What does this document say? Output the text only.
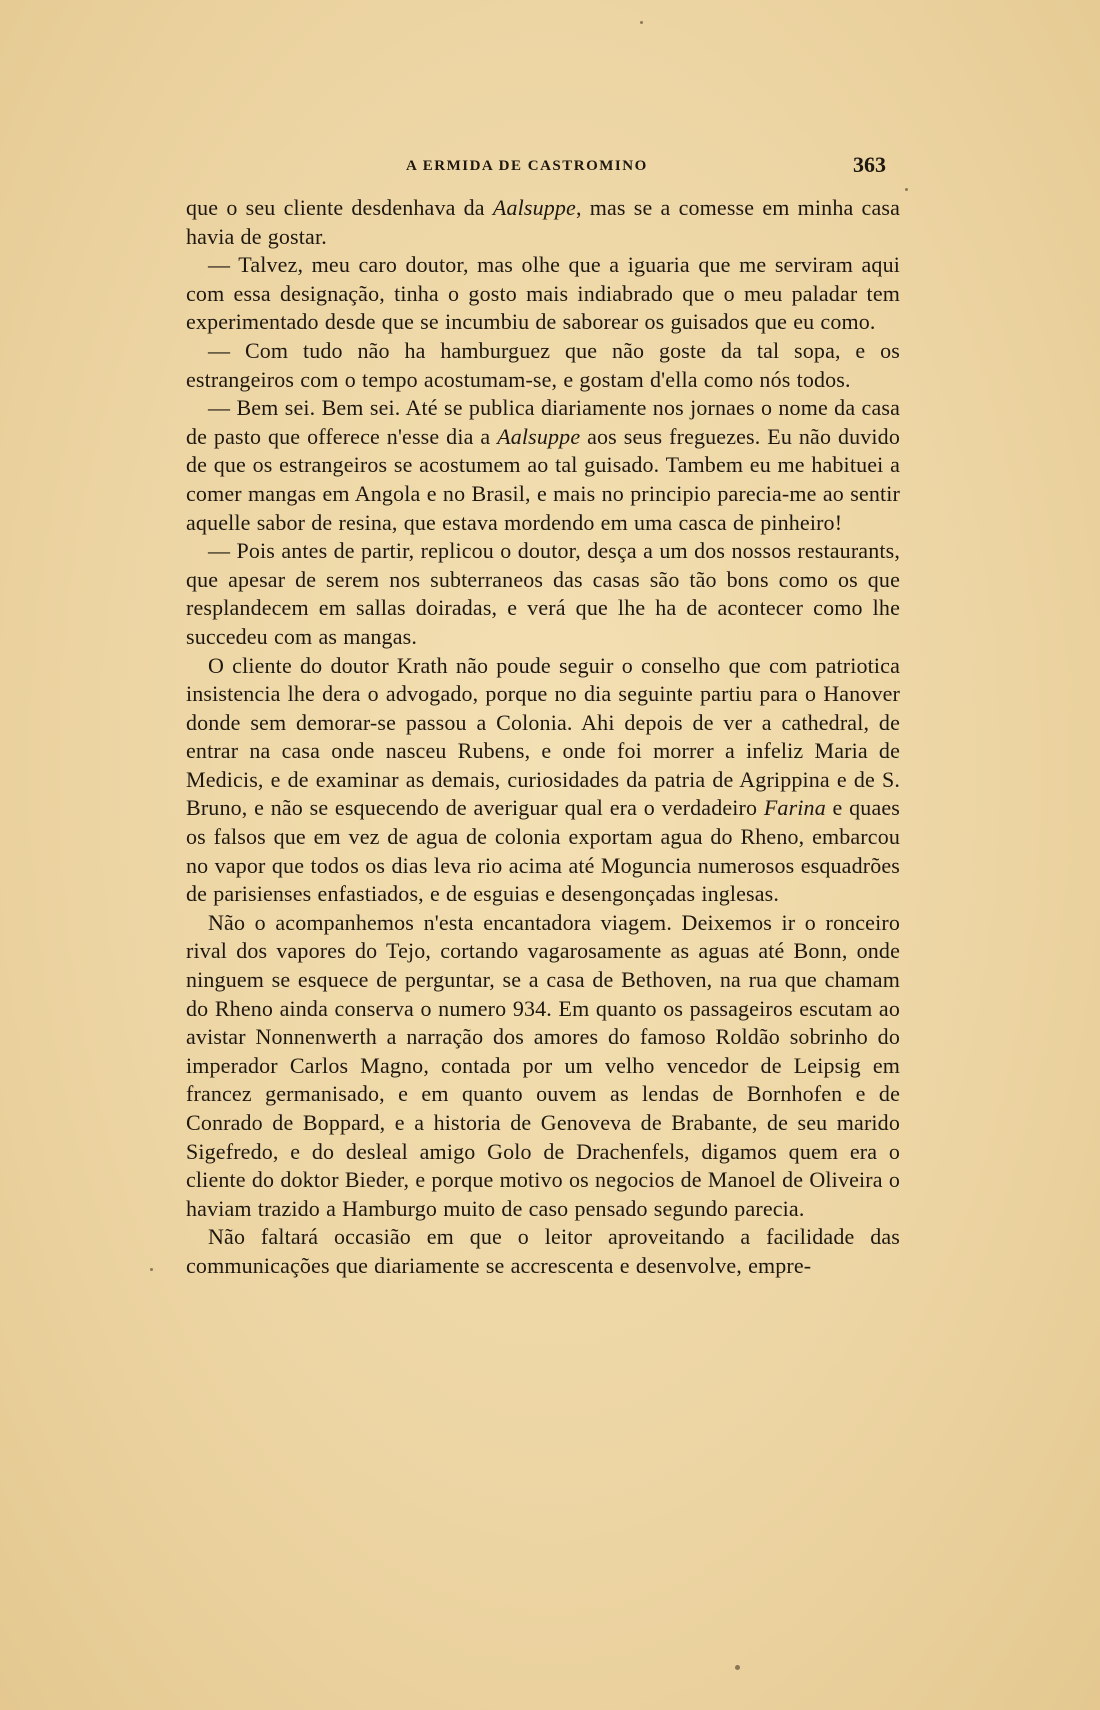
A ERMIDA DE CASTROMINO	363

que o seu cliente desdenhava da Aalsuppe, mas se a comesse em minha casa havia de gostar.

— Talvez, meu caro doutor, mas olhe que a iguaria que me serviram aqui com essa designação, tinha o gosto mais indiabrado que o meu paladar tem experimentado desde que se incumbiu de saborear os guisados que eu como.

— Com tudo não ha hamburguez que não goste da tal sopa, e os estrangeiros com o tempo acostumam-se, e gostam d'ella como nós todos.

— Bem sei. Bem sei. Até se publica diariamente nos jornaes o nome da casa de pasto que offerece n'esse dia a Aalsuppe aos seus freguezes. Eu não duvido de que os estrangeiros se acostumem ao tal guisado. Tambem eu me habituei a comer mangas em Angola e no Brasil, e mais no principio parecia-me ao sentir aquelle sabor de resina, que estava mordendo em uma casca de pinheiro!

— Pois antes de partir, replicou o doutor, desça a um dos nossos restaurants, que apesar de serem nos subterraneos das casas são tão bons como os que resplandecem em sallas doiradas, e verá que lhe ha de acontecer como lhe succedeu com as mangas.

O cliente do doutor Krath não poude seguir o conselho que com patriotica insistencia lhe dera o advogado, porque no dia seguinte partiu para o Hanover donde sem demorar-se passou a Colonia. Ahi depois de ver a cathedral, de entrar na casa onde nasceu Rubens, e onde foi morrer a infeliz Maria de Medicis, e de examinar as demais, curiosidades da patria de Agrippina e de S. Bruno, e não se esquecendo de averiguar qual era o verdadeiro Farina e quaes os falsos que em vez de agua de colonia exportam agua do Rheno, embarcou no vapor que todos os dias leva rio acima até Moguncia numerosos esquadrões de parisienses enfastiados, e de esguias e desengonçadas inglesas.

Não o acompanhemos n'esta encantadora viagem. Deixemos ir o ronceiro rival dos vapores do Tejo, cortando vagarosamente as aguas até Bonn, onde ninguem se esquece de perguntar, se a casa de Bethoven, na rua que chamam do Rheno ainda conserva o numero 934. Em quanto os passageiros escutam ao avistar Nonnenwerth a narração dos amores do famoso Roldão sobrinho do imperador Carlos Magno, contada por um velho vencedor de Leipsig em francez germanisado, e em quanto ouvem as lendas de Bornhofen e de Conrado de Boppard, e a historia de Genoveva de Brabante, de seu marido Sigefredo, e do desleal amigo Golo de Drachenfels, digamos quem era o cliente do doktor Bieder, e porque motivo os negocios de Manoel de Oliveira o haviam trazido a Hamburgo muito de caso pensado segundo parecia.

Não faltará occasião em que o leitor aproveitando a facilidade das communicações que diariamente se accrescenta e desenvolve, empre-
